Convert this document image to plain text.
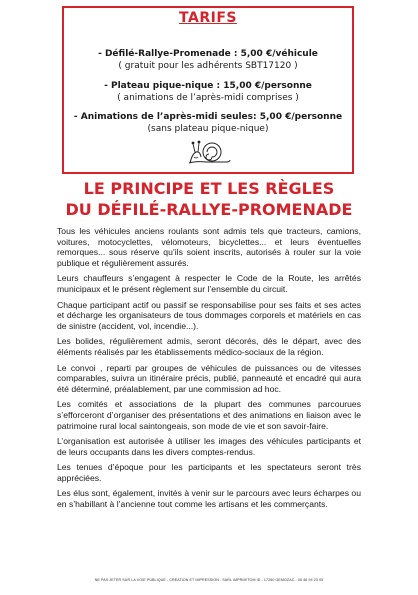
TARIFS
- Défilé-Rallye-Promenade : 5,00 €/véhicule
( gratuit pour les adhérents SBT17120 )
- Plateau pique-nique : 15,00 €/personne
( animations de l’après-midi comprises )
- Animations de l’après-midi seules: 5,00 €/personne
(sans plateau pique-nique)
LE PRINCIPE ET LES RÈGLES
DU DÉFILÉ-RALLYE-PROMENADE

Tous les véhicules anciens roulants sont admis tels que tracteurs, camions, voitures, motocyclettes, vélomoteurs, bicyclettes... et leurs éventuelles remorques... sous réserve qu’ils soient inscrits, autorisés à rouler sur la voie publique et régulièrement assurés.

Leurs chauffeurs s’engagent à respecter le Code de la Route, les arrêtés municipaux et le présent règlement sur l’ensemble du circuit.

Chaque participant actif ou passif se responsabilise pour ses faits et ses actes et décharge les organisateurs de tous dommages corporels et matériels en cas de sinistre (accident, vol, incendie...).

Les bolides, régulièrement admis, seront décorés, dès le départ, avec des éléments réalisés par les établissements médico-sociaux de la région.

Le convoi , reparti par groupes de véhicules de puissances ou de vitesses comparables, suivra un itinéraire précis, publié, panneauté et encadré qui aura été déterminé, préalablement, par une commission ad hoc.

Les comités et associations de la plupart des communes parcourues s’efforceront d’organiser des présentations et des animations en liaison avec le patrimoine rural local saintongeais, son mode de vie et son savoir-faire.

L’organisation est autorisée à utiliser les images des véhicules participants et de leurs occupants dans les divers comptes-rendus.

Les tenues d’époque pour les participants et les spectateurs seront très appréciées.

Les élus sont, également, invités à venir sur le parcours avec leurs écharpes ou en s’habillant à l’ancienne tout comme les artisans et les commerçants.

NE PAS JETER SUR LA VOIE PUBLIQUE - CRÉATION ET IMPRESSION : SARL IMPRIM'TOM ID - 17260 GEMOZAC - 05 46 94 23 05
